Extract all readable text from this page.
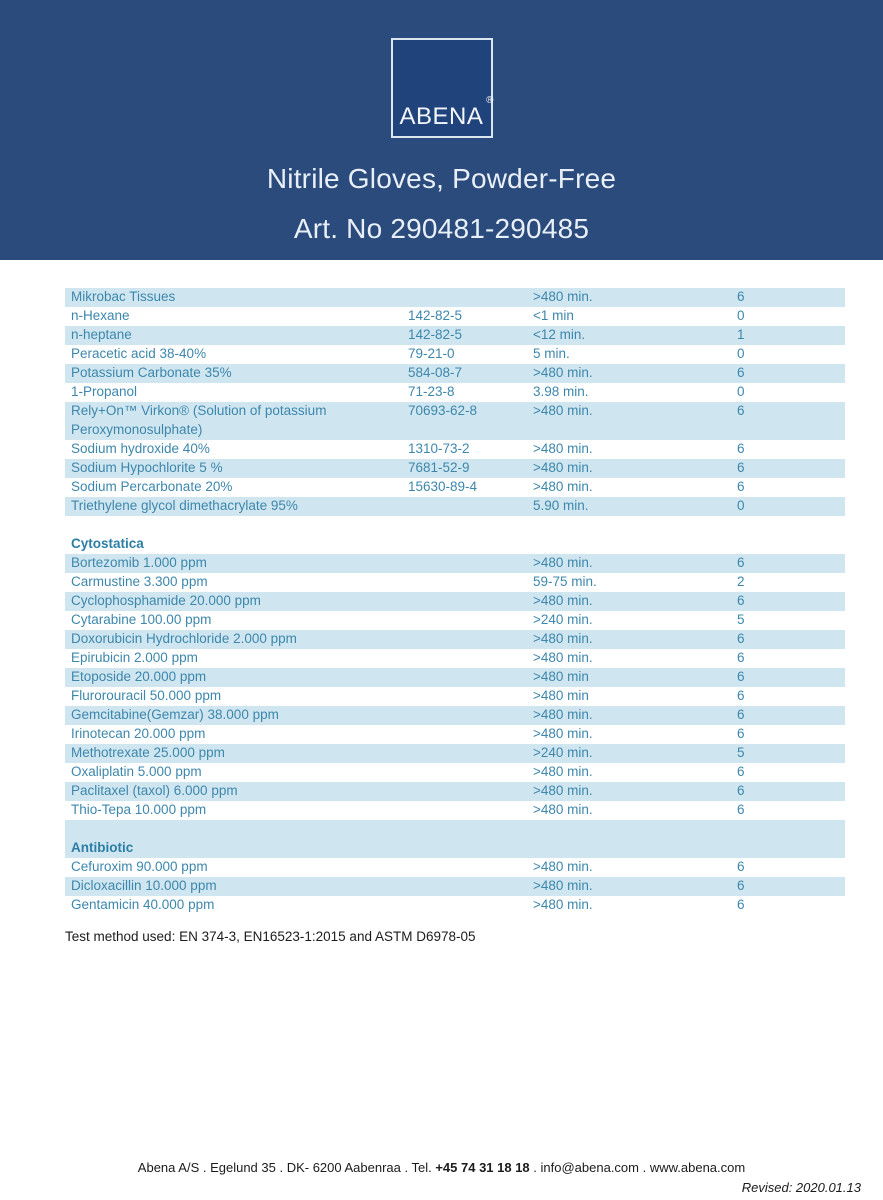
ABENA
®
Nitrile Gloves, Powder-Free
Art. No 290481-290485
Mikrobac Tissues	>480 min.	6
n-Hexane	142-82-5	<1 min	0
n-heptane	142-82-5	<12 min.	1
Peracetic acid 38-40%	79-21-0	5 min.	0
Potassium Carbonate 35%	584-08-7	>480 min.	6
1-Propanol	71-23-8	3.98 min.	0
Rely+On™ Virkon® (Solution of potassium
Peroxymonosulphate)
70693-62-8	>480 min.	6
Sodium hydroxide 40%	1310-73-2	>480 min.	6
Sodium Hypochlorite 5 %	7681-52-9	>480 min.	6
Sodium Percarbonate 20%	15630-89-4	>480 min.	6
Triethylene glycol dimethacrylate 95%	5.90 min.	0
Cytostatica
Bortezomib 1.000 ppm	>480 min.	6
Carmustine 3.300 ppm	59-75 min.	2
Cyclophosphamide 20.000 ppm	>480 min.	6
Cytarabine 100.00 ppm	>240 min.	5
Doxorubicin Hydrochloride 2.000 ppm	>480 min.	6
Epirubicin 2.000 ppm	>480 min.	6
Etoposide 20.000 ppm	>480 min	6
Flurorouracil 50.000 ppm	>480 min	6
Gemcitabine(Gemzar) 38.000 ppm	>480 min.	6
Irinotecan 20.000 ppm	>480 min.	6
Methotrexate 25.000 ppm	>240 min.	5
Oxaliplatin 5.000 ppm	>480 min.	6
Paclitaxel (taxol) 6.000 ppm	>480 min.	6
Thio-Tepa 10.000 ppm	>480 min.	6
Antibiotic
Cefuroxim 90.000 ppm	>480 min.	6
Dicloxacillin 10.000 ppm	>480 min.	6
Gentamicin 40.000 ppm	>480 min.	6
Test method used: EN 374-3, EN16523-1:2015 and ASTM D6978-05
Abena A/S . Egelund 35 . DK- 6200 Aabenraa . Tel. +45 74 31 18 18 . info@abena.com . www.abena.com
Revised: 2020.01.13
